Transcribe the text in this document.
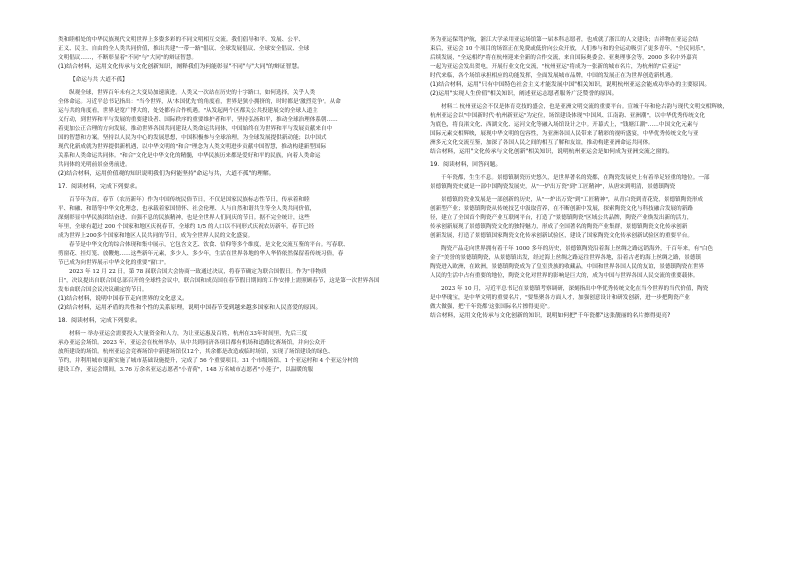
类和睦相处的中华民族现代文明世界上多姿多彩的不同文明相互交流。我们倡导和平、发展、公平、
正义、民主、自由的全人类共同价值，推出共建"一带一路"倡议、全球发展倡议、全球安全倡议、全球
文明倡议……，不断彰显着"不同"与"大同"的辩证智慧。
(1)结合材料，运用文化传承与文化创新知识，阐释我们为何能彰显"不同"与"大同"的辩证智慧。
【命运与共 大道不孤】
纵观全球，世界百年未有之大变局加速演进。人类又一次站在历史的十字路口，如何选择，关乎人类
全体命运。习近平总书记指出："当今世界，从'本国优先'的角度看，世界是狭小拥挤的，时时都是'激烈竞争'。从命
运与共的角度看，世界是宽广博大的，处处都有合作机遇。"从发起两个区都关公共投建展交的全球人道主
义行动，到世界和平与发展的重要建设者、国际秩序的重要维护者和平，坚持弘扬和平，推动全球治理体系朝……
着更加公正合理的方向发展，推动世界各国共同建设人类命运共同体，中国始终在为世界和平与发展贡献来自中
国的智慧和方案。坚持以人民为中心的发展思想，中国积极参与全球治理，为全球发展提供新动能；以中国式
现代化新成就为世界提供新机遇，以中华文明的"和合"理念为人类文明进步贡献中国智慧，推动构建新型国际
关系和人类命运共同体。"和合"文化是中华文化的精髓，中华民族历来都是爱好和平的民族，向着人类命运
共同体的光明前景奋勇前进。
(2)结合材料，运用价值观的知识说明我们为何能坚持"命运与共，大道不孤"的理解。
17．阅读材料，完成下列要求。
百节年为首。春节（农历新年）作为中国传统民俗节日，不仅是国家民族标志性节日，传承着和睦
平、和融、和谐等中华文化理念，也承载着家国情怀、社会伦理、人与自然和谐共生等全人类共同价值，
深刻彰显中华民族团结奋进、自强不息的民族精神，也是全世界人们同庆的节日。据不完全统计，这些
年里，全球有超过 200 个国家和地区庆祝春节，全球约 1/5 的人口以不同形式庆祝农历新年，春节已经
成为世界上200多个国家和地区人民共同的节日，成为全世界人民的文化盛宴。
春节是中华文化的综合体现和集中展示，它包含文艺、饮食、信仰等多个维度，是文化交流互鉴的平台。写春联、
剪窗花、挂灯笼、放鞭炮……这些新年元素，多少人、多少年，生活在世界各地的华人华侨依然保留着传统习俗，春
节已成为向世界展示中华文化的重要"窗口"。
2023 年 12 月 22 日，第 78 届联合国大会协商一致通过决议，将春节确定为联合国假日。作为"非物质
日"，决议提出自联合国总部召开的全球性会议中，联合国和成员国在春节假日期间的工作安排上需照顾春节，这是第一次世界各国
发布由联合国会议决议确定的节日。
(1)结合材料，说明中国春节走向世界的文化意义。
(2)结合材料，运用矛盾的共性和个性的关系原理，说明中国春节受到越来越多国家和人民喜爱的原因。
18．阅读材料，完成下列要求。
材料一 举办亚运会需要投入大量资金和人力，为让亚运惠及百姓，杭州在33年时间里，先后三度
承办亚运会场馆。2023 年，亚运会在杭州举办，从中共到同济各项目都有机场和道路比赛场馆，并向公众开
放所建设的场馆。杭州亚运会竞赛场馆中新建场馆仅12个，其余都是改造或临时场馆，实现了场馆建设的绿色、
节约，并利用城市更新实施了城市基础设施提升，完成了 56 个重要项目。31 个市级场馆、1 个亚运村和 4 个亚运分村的
建设工作，亚运会期间，3.76 万余名亚运志愿者"小青荷"，148 万名城市志愿者"小莲子"，以温暖的服
务为亚运保驾护航，浙江大学录用亚运场馆第一届本科志愿者，也成就了浙江的人文建设；吉祥物在亚运会结
束后，亚运会 10 个项目的场馆正在免费或低价向公众开放，人们参与和的全运动吸引了更多青年，"全民同乐"，
后续发展，"全运相约"将在杭州迎来全新的合作交流，来自国际奥委会、亚奥理事会等，2000 多名中外嘉宾
一起为亚运会发出贺电，开展行业文化交流，"杭州亚运"将成为一张新的城市名片，为杭州的"后亚运"
时代来临，各个场馆承担相应的功能发挥，全面发展城市品牌，中国的发展正在为世界创造新机遇。
(1)结合材料，运用"只有中国特色社会主义才能发展中国"相关知识，说明杭州亚运会能成功举办的主要原因。
(2)运用"实现人生价值"相关知识，阐述亚运志愿者服务广泛赞誉的原因。
材料二 杭州亚运会不仅是体育竞技的盛会，也是亚洲文明交流的重要平台。宣城千年和伦古韵与现代文明交相辉映，
杭州亚运会以"中国新时代·杭州新亚运"为定位，场馆建设体现"中国风、江南韵、亚洲潮"，以中华优秀传统文化
为底色，将良渚文化、西湖文化、运河文化等融入场馆设计之中。开幕式上，"钱塘江潮"……中国文化元素与
国际元素交相辉映，展现中华文明的包容性，为亚洲各国人民带来了精彩的视听盛宴，中华优秀传统文化与亚
洲多元文化交流互鉴，加深了各国人民之间的相互了解和友谊，推动构建亚洲命运共同体。
结合材料，运用"文化传承与文化创新"相关知识，说明杭州亚运会是如何成为亚洲交流之窗的。
19．阅读材料，回答问题。
千年瓷都，生生不息。景德镇制瓷历史悠久，是世界著名的瓷都，在陶瓷发展史上有着举足轻重的地位。一部
景德镇陶瓷史就是一部中国陶瓷发展史，从"一炉出万瓷"到"工匠精神"，从唐宋到明清，景德镇陶瓷
景德镇的瓷业发展是一部创新的历史，从"一炉出万瓷"到"工匠精神"，从青白瓷到青花瓷，景德镇陶瓷形成
创新型产业；景德镇陶瓷从传统技艺中汲取营养，在不断创新中发展，探索陶瓷文化与科技融合发展的新路
径，建立了全国首个陶瓷产业互联网平台，打造了"景德镇陶瓷"区域公共品牌，陶瓷产业焕发出新的活力，
传承创新展现了景德镇陶瓷文化的独特魅力，形成了全国著名的陶瓷产业集群，景德镇陶瓷文化传承创新
创新发展，打造了景德镇国家陶瓷文化传承创新试验区，建设了国家陶瓷文化传承创新试验区的重要平台。
陶瓷产品走向世界拥有着千年 1000 多年的历史，景德镇陶瓷沿着海上丝绸之路远销海外，千百年来，有"白色
金子"美誉的景德镇陶瓷，从景德镇出发，经过海上丝绸之路运往世界各地，沿着古老的海上丝绸之路，景德镇
陶瓷进入欧洲，在欧洲，景德镇陶瓷成为了皇室贵族的收藏品，中国和世界各国人民的友谊，景德镇陶瓷在世界
人民的生活中占有重要的地位，陶瓷文化对世界的影响是巨大的，成为中国与世界各国人民交流的重要载体。
2023 年 10 月，习近平总书记在景德镇考察调研，深刻指出中华优秀传统文化在当今世界的当代价值，陶瓷
是中华瑰宝，是中华文明的重要名片，"要集聚各方面人才，加强创意设计和研发创新，进一步把陶瓷产业
做大做强，把'千年瓷都'这张国际名片擦得更亮"。
结合材料，运用文化传承与文化创新的知识，说明如何把"千年瓷都"这张靓丽的名片擦得更亮?
